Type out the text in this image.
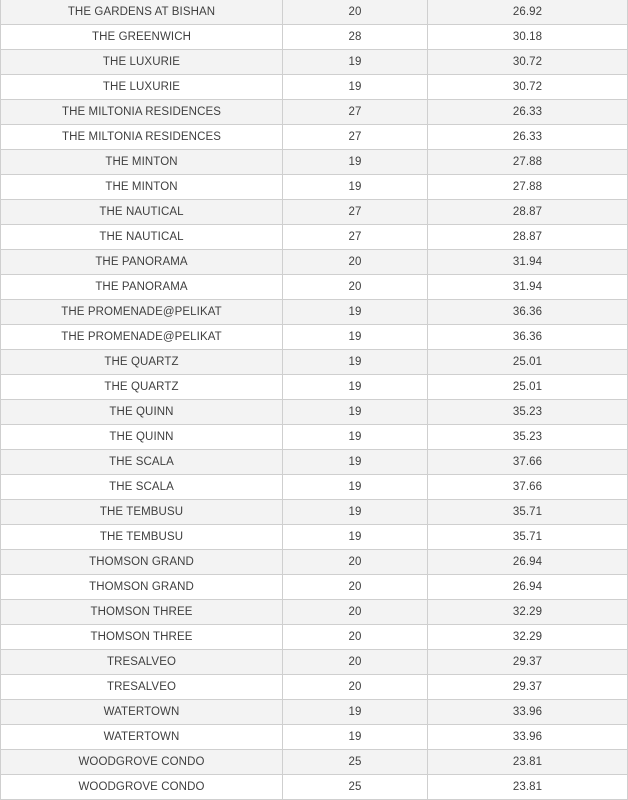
THE GARDENS AT BISHAN	20	26.92
THE GREENWICH	28	30.18
THE LUXURIE	19	30.72
THE LUXURIE	19	30.72
THE MILTONIA RESIDENCES	27	26.33
THE MILTONIA RESIDENCES	27	26.33
THE MINTON	19	27.88
THE MINTON	19	27.88
THE NAUTICAL	27	28.87
THE NAUTICAL	27	28.87
THE PANORAMA	20	31.94
THE PANORAMA	20	31.94
THE PROMENADE@PELIKAT	19	36.36
THE PROMENADE@PELIKAT	19	36.36
THE QUARTZ	19	25.01
THE QUARTZ	19	25.01
THE QUINN	19	35.23
THE QUINN	19	35.23
THE SCALA	19	37.66
THE SCALA	19	37.66
THE TEMBUSU	19	35.71
THE TEMBUSU	19	35.71
THOMSON GRAND	20	26.94
THOMSON GRAND	20	26.94
THOMSON THREE	20	32.29
THOMSON THREE	20	32.29
TRESALVEO	20	29.37
TRESALVEO	20	29.37
WATERTOWN	19	33.96
WATERTOWN	19	33.96
WOODGROVE CONDO	25	23.81
WOODGROVE CONDO	25	23.81
